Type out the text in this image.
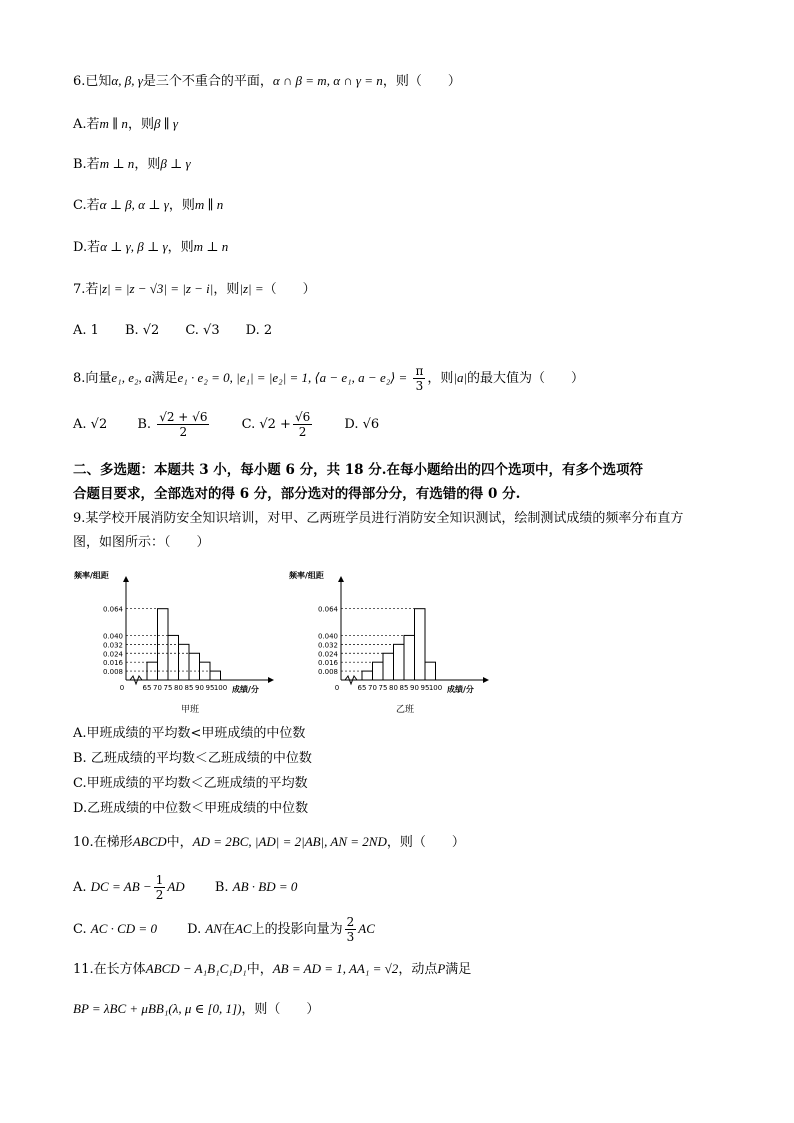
6.已知α, β, γ是三个不重合的平面，α ∩ β = m, α ∩ γ = n，则（　　）
A.若m ∥ n，则β ∥ γ
B.若m ⊥ n，则β ⊥ γ
C.若α ⊥ β, α ⊥ γ，则m ∥ n
D.若α ⊥ γ, β ⊥ γ，则m ⊥ n
7.若|z| = |z − √3| = |z − i|，则|z| =（　　）
A. 1 B. √2 C. √3 D. 2
8.向量e₁, e₂, a满足e₁ · e₂ = 0, |e₁| = |e₂| = 1, ⟨a − e₁, a − e₂⟩ = $\frac{\pi}{3}$ ，则|a|的最大值为（　　）
A. √2 B. $\frac{√2 + √6}{2} C$. $√2 + \frac{√6}{2} D$. √6
二、多选题：本题共 3 小，每小题 6 分，共 18 分.在每小题给出的四个选项中，有多个选项符
合题目要求，全部选对的得 6 分，部分选对的得部分分，有选错的得 0 分.
9.某学校开展消防安全知识培训，对甲、乙两班学员进行消防安全知识测试，绘制测试成绩的频率分布直方
图，如图所示：（　　）
频率/组距
0.064
0.040
0.032
0.024
0.016
0.008
0	65 70 75 80 85 90 95 100 成绩/分
甲班
频率/组距
0.064
0.040
0.032
0.024
0.016
0.008
0	65 70 75 80 85 90 95 100 成绩/分
乙班
A.甲班成绩的平均数<甲班成绩的中位数
B. 乙班成绩的平均数＜乙班成绩的中位数
C.甲班成绩的平均数＜乙班成绩的平均数
D.乙班成绩的中位数＜甲班成绩的中位数
10.在梯形ABCD中，AD = 2BC, |AD| = 2|AB|, AN = 2ND，则（　　）
A. DC = AB − $\frac{1}{2}$ AD B. AB · BD = 0
C. AC · CD = 0 D. AN在AC上的投影向量为 $\frac{2}{3}$ AC
11.在长方体ABCD − A₁B₁C₁D₁中，AB = AD = 1, AA₁ = √2，动点P满足
BP = λBC + μBB₁(λ, μ ∈ [0, 1])，则（　　）
